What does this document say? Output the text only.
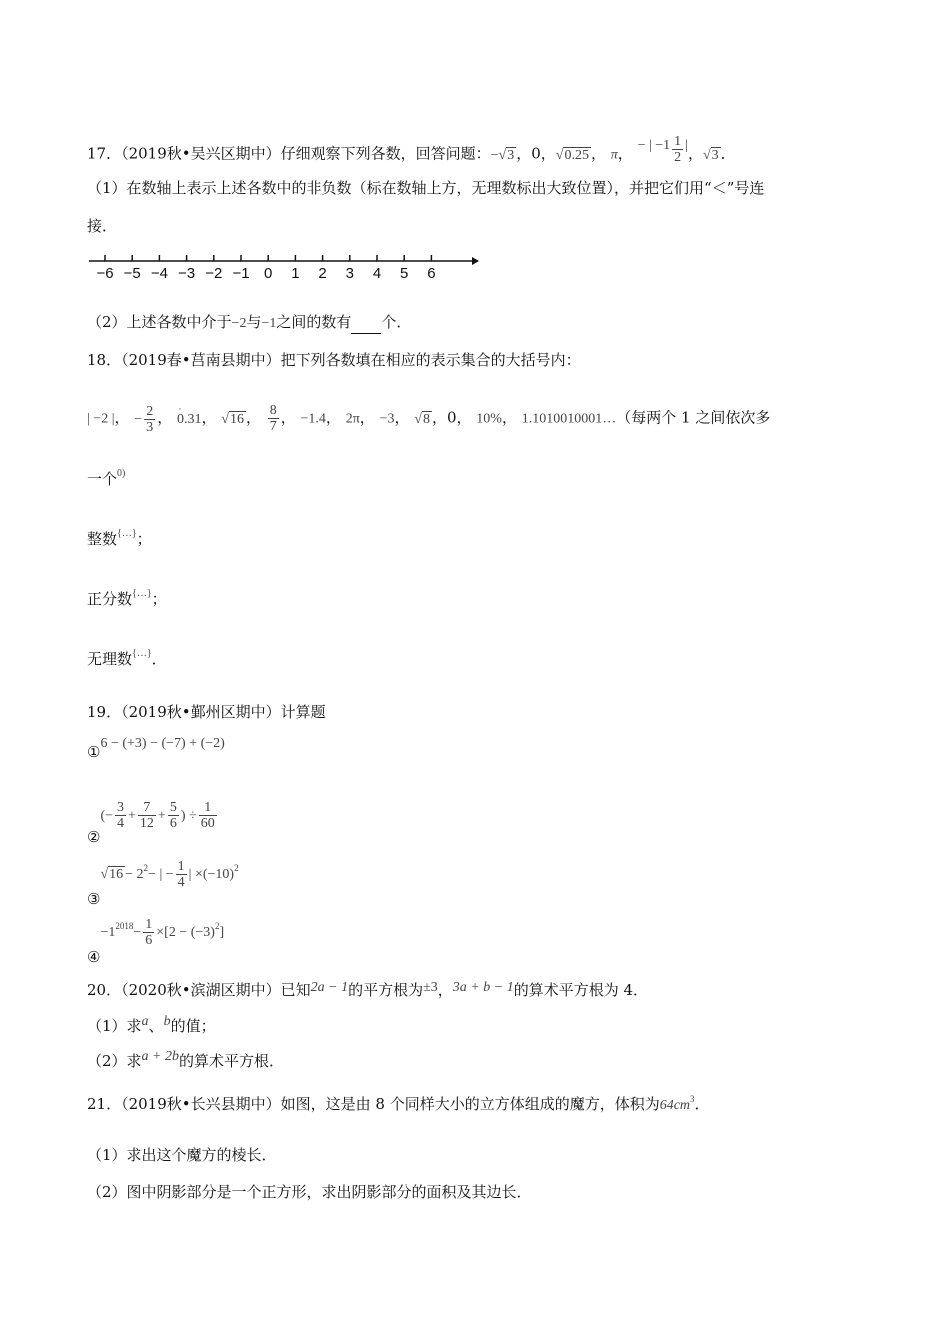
17．（2019秋•吴兴区期中）仔细观察下列各数，回答问题：−√3 ，0，√0.25 ， π， − | $-1 \frac{1}{2}$ |，√3 ．
（1）在数轴上表示上述各数中的非负数（标在数轴上方，无理数标出大致位置），并把它们用“＜”号连
接．
−6 −5 −4 −3 −2 −1 0 1 2 3 4 5 6
（2）上述各数中介于−2与−1之间的数有 个．
18．（2019春•莒南县期中）把下列各数填在相应的表示集合的大括号内：
| −2 |， − $\frac{2}{3}$ ， ˙ 0.31， √16 ， $\frac{8}{7}$ ， −1.4， 2π， −3， √8 ，0， 10%， 1.1010010001…（每两个 1 之间依次多
一个$^{0)}$
整数{…}；
正分数{…}；
无理数{…}．
19．（2019秋•鄞州区期中）计算题
①6 − (+3) − (−7) + (−2)
②(− $\frac{3}{4} + \frac{7}{12} + \frac{5}{6}$ ) ÷ $\frac{1}{60}$
③√16 − $2^2-$ | − $\frac{1}{4}$ | $\times(-10)^2$
$④-1^{2018}- \frac{1}{6} \times[2 - (-3)^2]$
20．（2020秋•滨湖区期中）已知2a − 1的平方根为±3，3a + b − 1的算术平方根为 4．
（1）求a、b的值；
（2）求a + 2b的算术平方根．
21．（2019秋•长兴县期中）如图，这是由 8 个同样大小的立方体组成的魔方，体积为$64cm^3$．
（1）求出这个魔方的棱长．
（2）图中阴影部分是一个正方形，求出阴影部分的面积及其边长．
